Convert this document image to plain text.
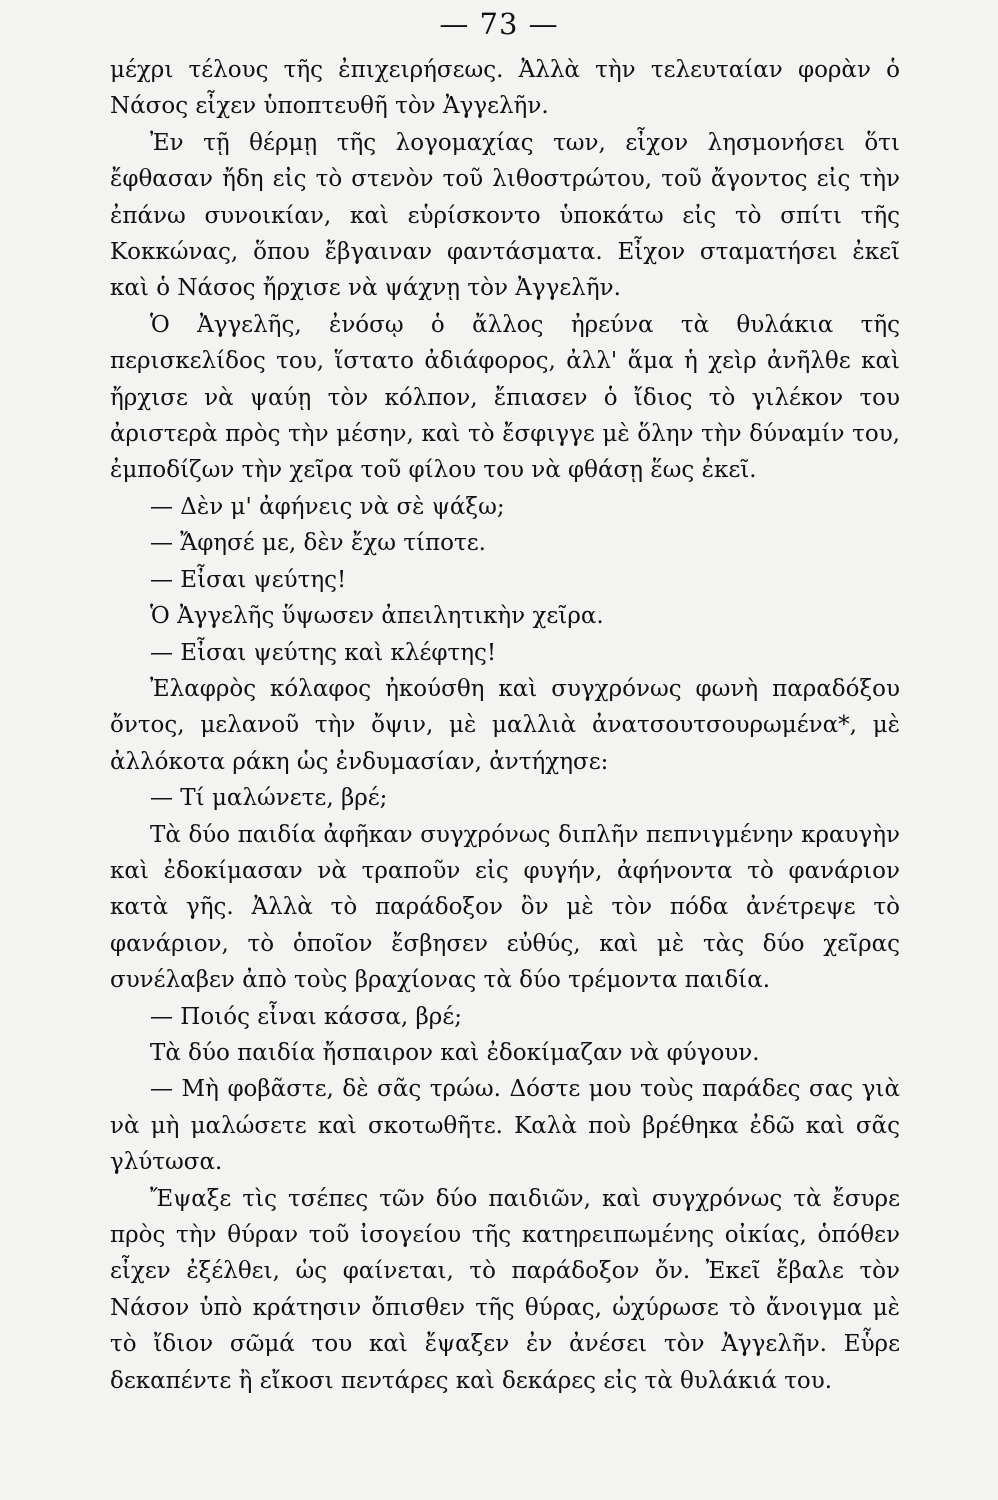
— 73 —

μέχρι τέλους τῆς ἐπιχειρήσεως. Ἀλλὰ τὴν τελευταίαν φορὰν ὁ Νάσος εἶχεν ὑποπτευθῆ τὸν Ἀγγελῆν.

Ἐν τῇ θέρμῃ τῆς λογομαχίας των, εἶχον λησμονήσει ὅτι ἔφθασαν ἤδη εἰς τὸ στενὸν τοῦ λιθοστρώτου, τοῦ ἄγοντος εἰς τὴν ἐπάνω συνοικίαν, καὶ εὑρίσκοντο ὑποκάτω εἰς τὸ σπίτι τῆς Κοκκώνας, ὅπου ἔβγαιναν φαντάσματα. Εἶχον σταματήσει ἐκεῖ καὶ ὁ Νάσος ἤρχισε νὰ ψάχνῃ τὸν Ἀγγελῆν.

Ὁ Ἀγγελῆς, ἐνόσῳ ὁ ἄλλος ἠρεύνα τὰ θυλάκια τῆς περισκελίδος του, ἵστατο ἀδιάφορος, ἀλλ' ἅμα ἡ χεὶρ ἀνῆλθε καὶ ἤρχισε νὰ ψαύῃ τὸν κόλπον, ἔπιασεν ὁ ἴδιος τὸ γιλέκον του ἀριστερὰ πρὸς τὴν μέσην, καὶ τὸ ἔσφιγγε μὲ ὅλην τὴν δύναμίν του, ἐμποδίζων τὴν χεῖρα τοῦ φίλου του νὰ φθάσῃ ἕως ἐκεῖ.

— Δὲν μ' ἀφήνεις νὰ σὲ ψάξω;

— Ἄφησέ με, δὲν ἔχω τίποτε.

— Εἶσαι ψεύτης!

Ὁ Ἀγγελῆς ὕψωσεν ἀπειλητικὴν χεῖρα.

— Εἶσαι ψεύτης καὶ κλέφτης!

Ἐλαφρὸς κόλαφος ἠκούσθη καὶ συγχρόνως φωνὴ παραδόξου ὄντος, μελανοῦ τὴν ὄψιν, μὲ μαλλιὰ ἀνατσουτσουρωμένα*, μὲ ἀλλόκοτα ράκη ὡς ἐνδυμασίαν, ἀντήχησε:

— Τί μαλώνετε, βρέ;

Τὰ δύο παιδία ἀφῆκαν συγχρόνως διπλῆν πεπνιγμένην κραυγὴν καὶ ἐδοκίμασαν νὰ τραποῦν εἰς φυγήν, ἀφήνοντα τὸ φανάριον κατὰ γῆς. Ἀλλὰ τὸ παράδοξον ὂν μὲ τὸν πόδα ἀνέτρεψε τὸ φανάριον, τὸ ὁποῖον ἔσβησεν εὐθύς, καὶ μὲ τὰς δύο χεῖρας συνέλαβεν ἀπὸ τοὺς βραχίονας τὰ δύο τρέμοντα παιδία.

— Ποιός εἶναι κάσσα, βρέ;

Τὰ δύο παιδία ἤσπαιρον καὶ ἐδοκίμαζαν νὰ φύγουν.

— Μὴ φοβᾶστε, δὲ σᾶς τρώω. Δόστε μου τοὺς παράδες σας γιὰ νὰ μὴ μαλώσετε καὶ σκοτωθῆτε. Καλὰ ποὺ βρέθηκα ἐδῶ καὶ σᾶς γλύτωσα.

Ἔψαξε τὶς τσέπες τῶν δύο παιδιῶν, καὶ συγχρόνως τὰ ἔσυρε πρὸς τὴν θύραν τοῦ ἰσογείου τῆς κατηρειπωμένης οἰκίας, ὁπόθεν εἶχεν ἐξέλθει, ὡς φαίνεται, τὸ παράδοξον ὄν. Ἐκεῖ ἔβαλε τὸν Νάσον ὑπὸ κράτησιν ὄπισθεν τῆς θύρας, ὠχύρωσε τὸ ἄνοιγμα μὲ τὸ ἴδιον σῶμά του καὶ ἔψαξεν ἐν ἀνέσει τὸν Ἀγγελῆν. Εὗρε δεκαπέντε ἢ εἴκοσι πεντάρες καὶ δεκάρες εἰς τὰ θυλάκιά του.
